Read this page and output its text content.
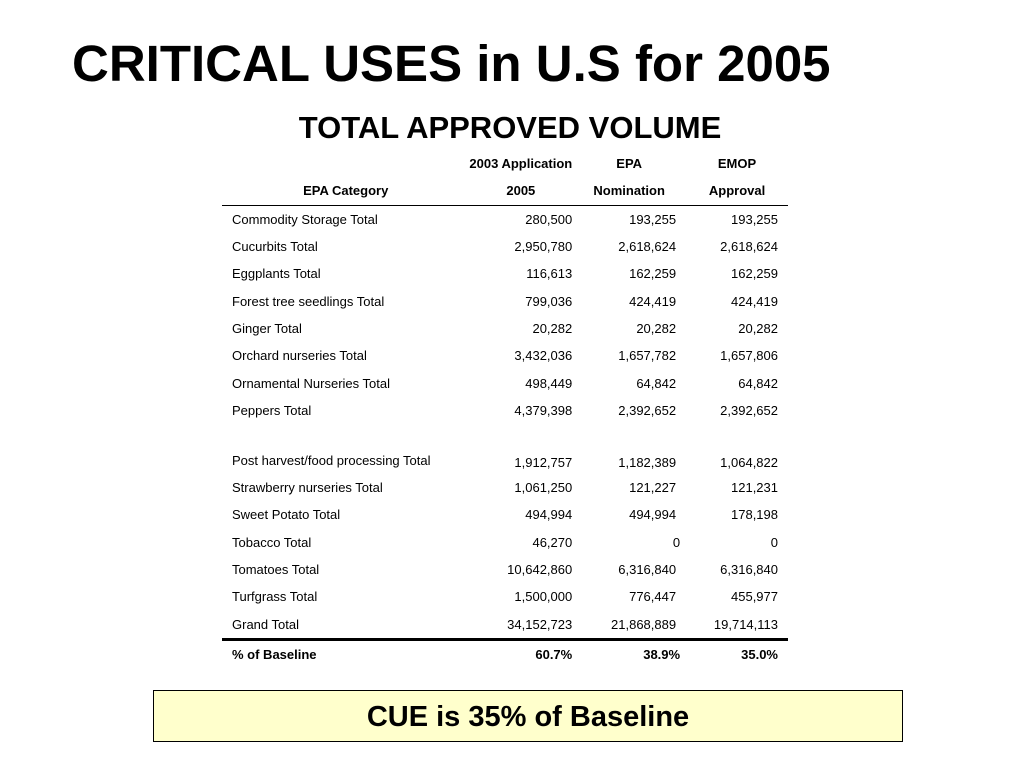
CRITICAL USES in U.S for 2005
TOTAL APPROVED VOLUME
	2003 Application	EPA	EMOP
EPA Category	2005	Nomination	Approval
Commodity Storage Total	280,500	193,255	193,255
Cucurbits Total	2,950,780	2,618,624	2,618,624
Eggplants Total	116,613	162,259	162,259
Forest tree seedlings Total	799,036	424,419	424,419
Ginger Total	20,282	20,282	20,282
Orchard nurseries Total	3,432,036	1,657,782	1,657,806
Ornamental Nurseries Total	498,449	64,842	64,842
Peppers Total	4,379,398	2,392,652	2,392,652
Post harvest/food processing Total	1,912,757	1,182,389	1,064,822
Strawberry nurseries Total	1,061,250	121,227	121,231
Sweet Potato Total	494,994	494,994	178,198
Tobacco Total	46,270	0	0
Tomatoes Total	10,642,860	6,316,840	6,316,840
Turfgrass Total	1,500,000	776,447	455,977
Grand Total	34,152,723	21,868,889	19,714,113
% of Baseline	60.7%	38.9%	35.0%
CUE is 35% of Baseline
